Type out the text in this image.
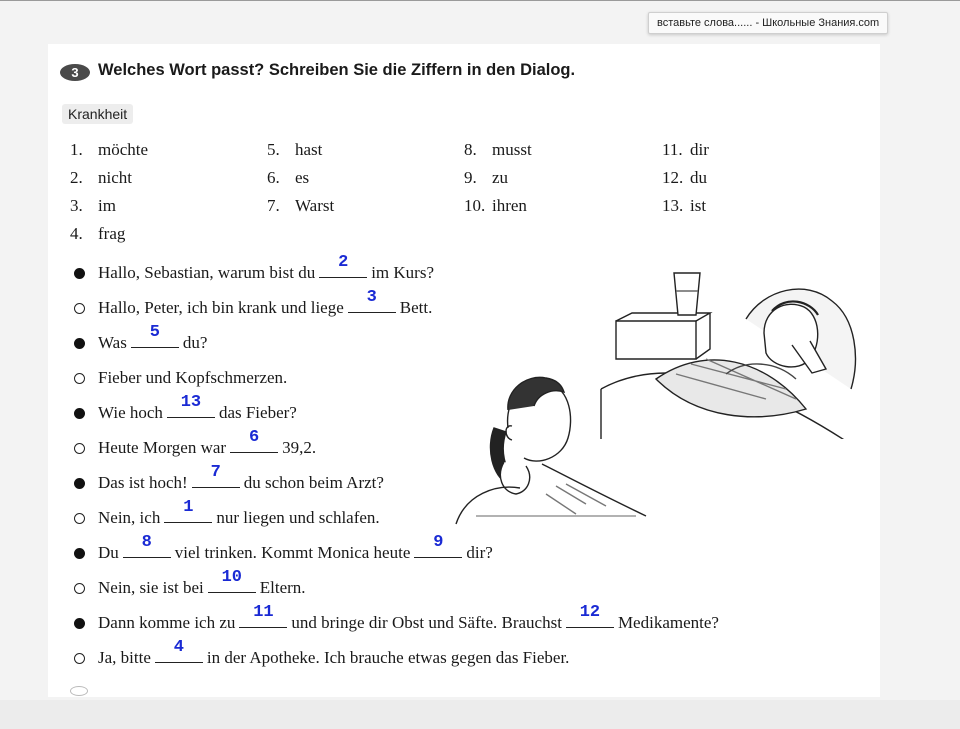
вставьте слова...... - Школьные Знания.com
3	Welches Wort passt? Schreiben Sie die Ziffern in den Dialog.
Krankheit
1. möchte
2. nicht
3. im
4. frag
5. hast
6. es
7. Warst
8. musst
9. zu
10. ihren
11. dir
12. du
13. ist
Hallo, Sebastian, warum bist du
2
im Kurs?
Hallo, Peter, ich bin krank und liege
3
Bett.
Was
5
du?
Fieber und Kopfschmerzen.
Wie hoch
13
das Fieber?
Heute Morgen war
6
39,2.
Das ist hoch!
7
du schon beim Arzt?
Nein, ich
1
nur liegen und schlafen.
Du
8
viel trinken. Kommt Monica heute
9
dir?
Nein, sie ist bei
10
Eltern.
Dann komme ich zu
11
und bringe dir Obst und Säfte. Brauchst
12
Medikamente?
Ja, bitte
4
in der Apotheke. Ich brauche etwas gegen das Fieber.
